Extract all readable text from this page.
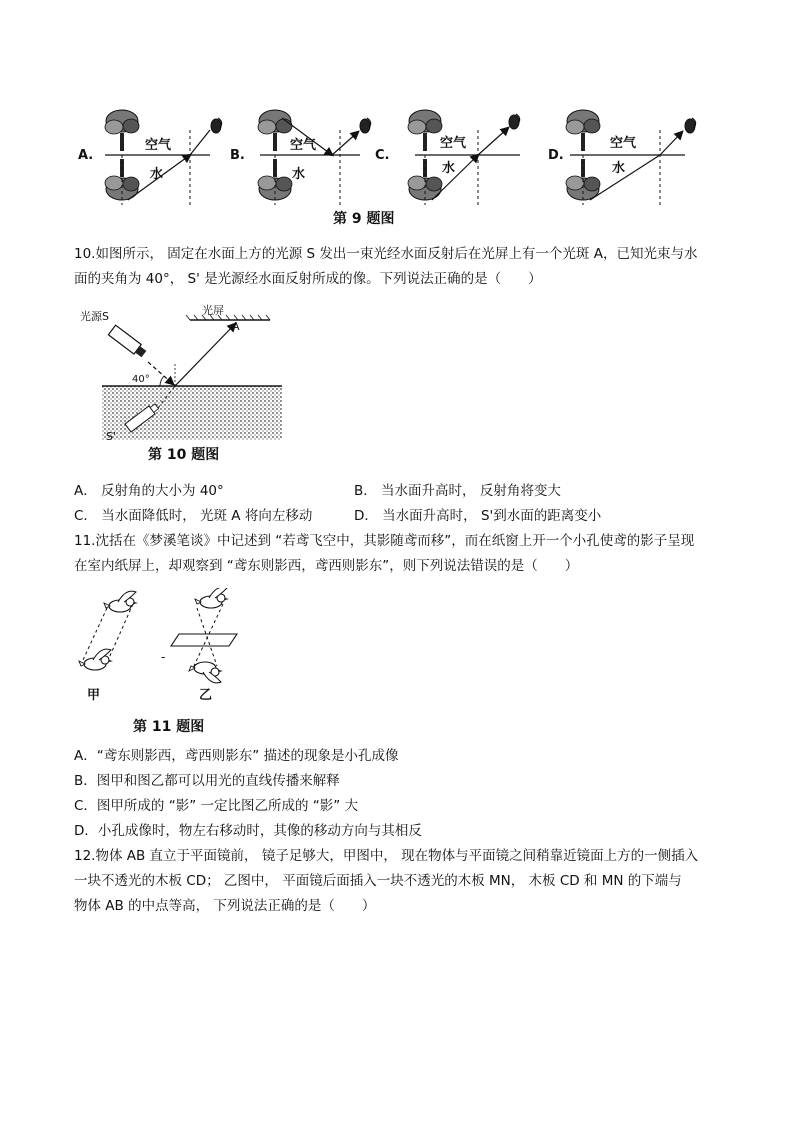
A.
空气
水
B.
空气
水
C.
空气
水
D.
空气
水
第 9 题图
10.如图所示， 固定在水面上方的光源 S 发出一束光经水面反射后在光屏上有一个光斑 A，已知光束与水
面的夹角为 40°， S' 是光源经水面反射所成的像。下列说法正确的是（　　）
光源S	光屏
A
40°
S'
第 10 题图
A． 反射角的大小为 40°	B． 当水面升高时， 反射角将变大
C． 当水面降低时， 光斑 A 将向左移动	D． 当水面升高时， S'到水面的距离变小
11.沈括在《梦溪笔谈》中记述到 “若鸢飞空中，其影随鸢而移”，而在纸窗上开一个小孔使鸢的影子呈现
在室内纸屏上，却观察到 “鸢东则影西，鸢西则影东”，则下列说法错误的是（　　）
甲
-
乙
第 11 题图
A．“鸢东则影西，鸢西则影东” 描述的现象是小孔成像
B．图甲和图乙都可以用光的直线传播来解释
C．图甲所成的 “影” 一定比图乙所成的 “影” 大
D．小孔成像时，物左右移动时，其像的移动方向与其相反
12.物体 AB 直立于平面镜前， 镜子足够大，甲图中， 现在物体与平面镜之间稍靠近镜面上方的一侧插入
一块不透光的木板 CD； 乙图中， 平面镜后面插入一块不透光的木板 MN， 木板 CD 和 MN 的下端与
物体 AB 的中点等高， 下列说法正确的是（　　）
